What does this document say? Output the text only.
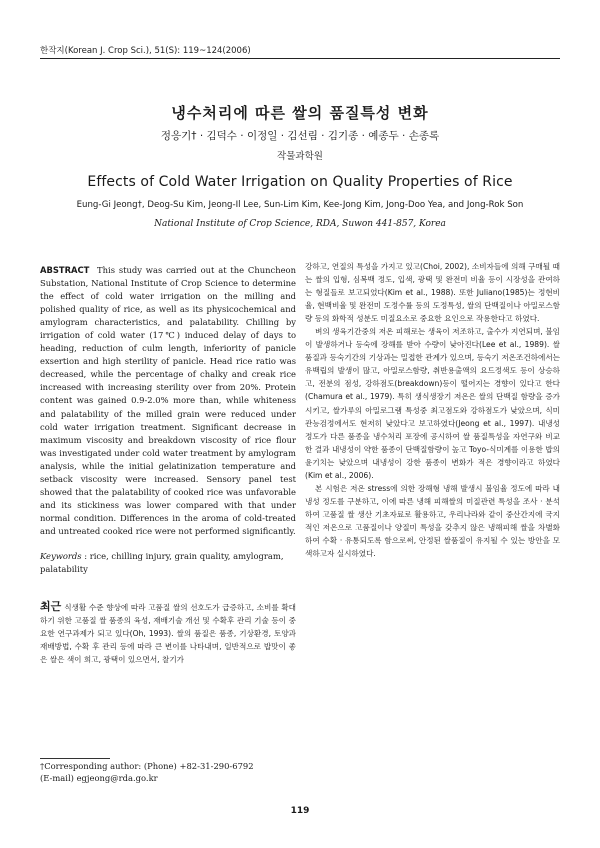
한작지(Korean J. Crop Sci.), 51(S): 119~124(2006)
냉수처리에 따른 쌀의 품질특성 변화
정응기† · 김덕수 · 이정일 · 김선림 · 김기종 · 예종두 · 손종록
작물과학원
Effects of Cold Water Irrigation on Quality Properties of Rice
Eung-Gi Jeong†, Deog-Su Kim, Jeong-Il Lee, Sun-Lim Kim, Kee-Jong Kim, Jong-Doo Yea, and Jong-Rok Son
National Institute of Crop Science, RDA, Suwon 441-857, Korea

ABSTRACT This study was carried out at the Chuncheon Substation, National Institute of Crop Science to determine the effect of cold water irrigation on the milling and polished quality of rice, as well as its physicochemical and amylogram characteristics, and palatability. Chilling by irrigation of cold water (17℃) induced delay of days to heading, reduction of culm length, inferiority of panicle exsertion and high sterility of panicle. Head rice ratio was decreased, while the percentage of chalky and creak rice increased with increasing sterility over from 20%. Protein content was gained 0.9-2.0% more than, while whiteness and palatability of the milled grain were reduced under cold water irrigation treatment. Significant decrease in maximum viscosity and breakdown viscosity of rice flour was investigated under cold water treatment by amylogram analysis, while the initial gelatinization temperature and setback viscosity were increased. Sensory panel test showed that the palatability of cooked rice was unfavorable and its stickiness was lower compared with that under normal condition. Differences in the aroma of cold-treated and untreated cooked rice were not performed significantly.

Keywords : rice, chilling injury, grain quality, amylogram, palatability

최근 식생활 수준 향상에 따라 고품질 쌀의 선호도가 급증하고, 소비를 확대하기 위한 고품질 쌀 품종의 육성, 재배기술 개선 및 수확후 관리 기술 등이 중요한 연구과제가 되고 있다(Oh, 1993). 쌀의 품질은 품종, 기상환경, 토양과 재배방법, 수확 후 관리 등에 따라 큰 변이를 나타내며, 일반적으로 밥맛이 좋은 쌀은 색이 희고, 광택이 있으면서, 찰기가

†Corresponding author: (Phone) +82-31-290-6792
(E-mail) egjeong@rda.go.kr

강하고, 연질의 특성을 가지고 있고(Choi, 2002), 소비자들에 의해 구매될 때는 쌀의 입형, 심복백 정도, 입색, 광택 및 완전미 비율 등이 시장성을 관여하는 형질들로 보고되었다(Kim et al., 1988). 또한 Juliano(1985)는 정현비율, 현백비율 및 완전미 도정수률 등의 도정특성, 쌀의 단백질이나 아밀로스함량 등의 화학적 성분도 미질요소로 중요한 요인으로 작용한다고 하였다.

벼의 생육기간중의 저온 피해로는 생육이 저조하고, 출수가 지연되며, 불임이 발생하거나 등숙에 장해를 받아 수량이 낮아진다(Lee et al., 1989). 쌀 품질과 등숙기간의 기상과는 밀접한 관계가 있으며, 등숙기 저온조건하에서는 유백립의 발생이 많고, 아밀로스함량, 취반용출액의 요드정색도 등이 상승하고, 전분의 점성, 강하점도(breakdown)등이 떨어지는 경향이 있다고 한다(Chamura et al., 1979). 특히 생식생장기 저온은 쌀의 단백질 함량을 증가시키고, 쌀가루의 아밀로그램 특성중 최고점도와 강하점도가 낮았으며, 식미관능검정에서도 현저히 낮았다고 보고하였다(Jeong et al., 1997). 내냉성 정도가 다른 품종을 냉수처리 포장에 공시하여 쌀 품질특성을 자연구와 비교한 결과 내냉성이 약한 품종이 단백질함량이 높고 Toyo-식미계를 이용한 밥의 윤기치는 낮았으며 내냉성이 강한 품종이 변화가 적은 경향이라고 하였다(Kim et al., 2006).

본 시험은 저온 stress에 의한 장해형 냉해 발생시 불임율 정도에 따라 내냉성 정도를 구분하고, 이에 따른 냉해 피해쌀의 미질관련 특성을 조사 · 분석하여 고품질 쌀 생산 기초자료로 활용하고, 우리나라와 같이 중산간지에 국지적인 저온으로 고품질이나 양질미 특성을 갖추지 않은 냉해피해 쌀을 차별화하여 수확 · 유통되도록 함으로써, 안정된 쌀품질이 유지될 수 있는 방안을 모색하고자 실시하였다.

119
